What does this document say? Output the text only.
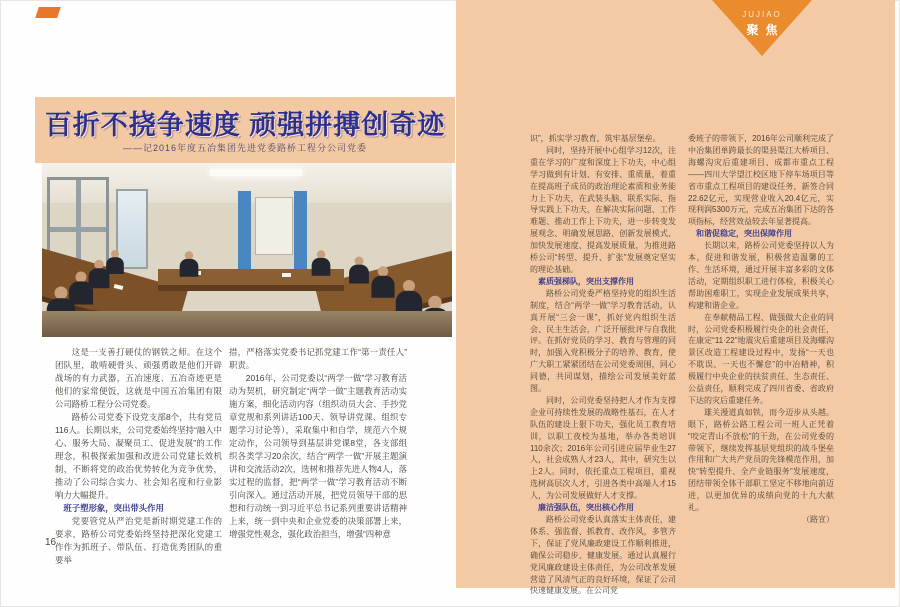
JUJIAO
聚焦
百折不挠争速度 顽强拼搏创奇迹
——记2016年度五冶集团先进党委路桥工程分公司党委

这是一支善打硬仗的钢铁之师。在这个团队里，敢啃硬骨头、顽强勇敢是他们开辟战场的有力武器，五冶速度、五冶奇迹更是他们的家常便饭，这就是中国五冶集团有限公司路桥工程分公司党委。

路桥公司党委下设党支部8个，共有党员116人。长期以来，公司党委始终坚持“融入中心、服务大局、凝聚员工、促进发展”的工作理念，积极探索加强和改进公司党建长效机制，不断将党的政治优势转化为竞争优势，推动了公司综合实力、社会知名度和行业影响力大幅提升。

班子塑形象，突出带头作用

党要管党从严治党是新时期党建工作的要求，路桥公司党委始终坚持把深化党建工作作为抓班子、带队伍、打造优秀团队的重要举

措，严格落实党委书记抓党建工作“第一责任人”职责。

2016年，公司党委以“两学一做”学习教育活动为契机，研究制定“两学一做”主题教育活动实施方案，细化活动内容（组织动员大会、手抄党章党规和系列讲话100天、领导讲党课、组织专题学习讨论等），采取集中和自学，规范六个规定动作，公司领导到基层讲党课8堂，各支部组织各类学习20余次，结合“两学一做”开展主题演讲和交流活动2次，选树和推荐先进人物4人，落实过程的监督，把“两学一做”学习教育活动不断引向深入。通过活动开展，把党员领导干部的思想和行动统一到习近平总书记系列重要讲话精神上来，统一到中央和企业党委的决策部署上来，增强党性观念，强化政治担当，增强“四种意

16

识”，抓实学习教育，筑牢基层堡垒。

同时，坚持开展中心组学习12次，注重在学习的广度和深度上下功夫，中心组学习做到有计划、有安排、重质量，着重在提高班子成员的政治理论素质和业务能力上下功夫，在武装头脑、联系实际、指导实践上下功夫，在解决实际问题、工作难题、推动工作上下功夫，进一步转变发展观念、明确发展思路、创新发展模式、加快发展速度、提高发展质量，为推进路桥公司“转型、提升、扩张”发展奠定坚实的理论基础。

素质强梯队，突出支撑作用

路桥公司党委严格坚持党的组织生活制度，结合“两学一做”学习教育活动，认真开展“三会一课”，抓好党内组织生活会、民主生活会，广泛开展批评与自我批评。在抓好党员的学习、教育与管理的同时，加强入党积极分子的培养、教育，使广大职工紧紧团结在公司党委周围，同心同德，共同谋划，描绘公司发展美好蓝图。

同时，公司党委坚持把人才作为支撑企业可持续性发展的战略性基石，在人才队伍的建设上狠下功夫，强化员工教育培训，以职工夜校为基地，举办各类培训110余次；2016年公司引进应届毕业生27人，社会成熟人才23人，其中，研究生以上2人。同时，依托重点工程项目，重视选树高层次人才，引进各类中高端人才15人，为公司发展做好人才支撑。

廉洁强队伍，突出核心作用

路桥公司党委认真落实主体责任，建体系、强监督、抓教育、改作风，多管齐下，保证了党风廉政建设工作顺利推进，确保公司稳步、健康发展。通过认真履行党风廉政建设主体责任，为公司改革发展营造了风清气正的良好环境，保证了公司快速健康发展。在公司党

委班子的带领下，2016年公司顺利完成了中冶集团单跨最长的渠县渠江大桥项目、海螺沟灾后重建项目、成都市重点工程——四川大学望江校区地下停车场项目等省市重点工程项目的建设任务，新签合同22.62亿元，实现营业收入20.4亿元，实现利润5300万元，完成五冶集团下达的各项指标，经营效益较去年显著提高。

和谐促稳定，突出保障作用

长期以来，路桥公司党委坚持以人为本，促进和谐发展，积极营造温馨的工作、生活环境，通过开展丰富多彩的文体活动，定期组织职工进行体检，积极关心帮助困难职工，实现企业发展成果共享，构建和谐企业。

在奉献精品工程、做强做大企业的同时，公司党委积极履行央企的社会责任，在康定“11·22”地震灾后重建项目及海螺沟景区改造工程建设过程中，发扬“一天也不耽误、一天也不懈怠”的中冶精神，积极履行中央企业的扶贫责任、生态责任、公益责任，顺利完成了四川省委、省政府下达的灾后重建任务。

雄关漫道真如铁，而今迈步从头越。眼下，路桥公路工程公司一班人正凭着“咬定青山不放松”的干劲，在公司党委的带领下，继续发挥基层党组织的战斗堡垒作用和广大共产党员的先锋模范作用，加快“转型提升、全产业链服务”发展速度，团结带领全体干部职工坚定不移地向前迈进，以更加优异的成绩向党的十九大献礼。

（路宣）
